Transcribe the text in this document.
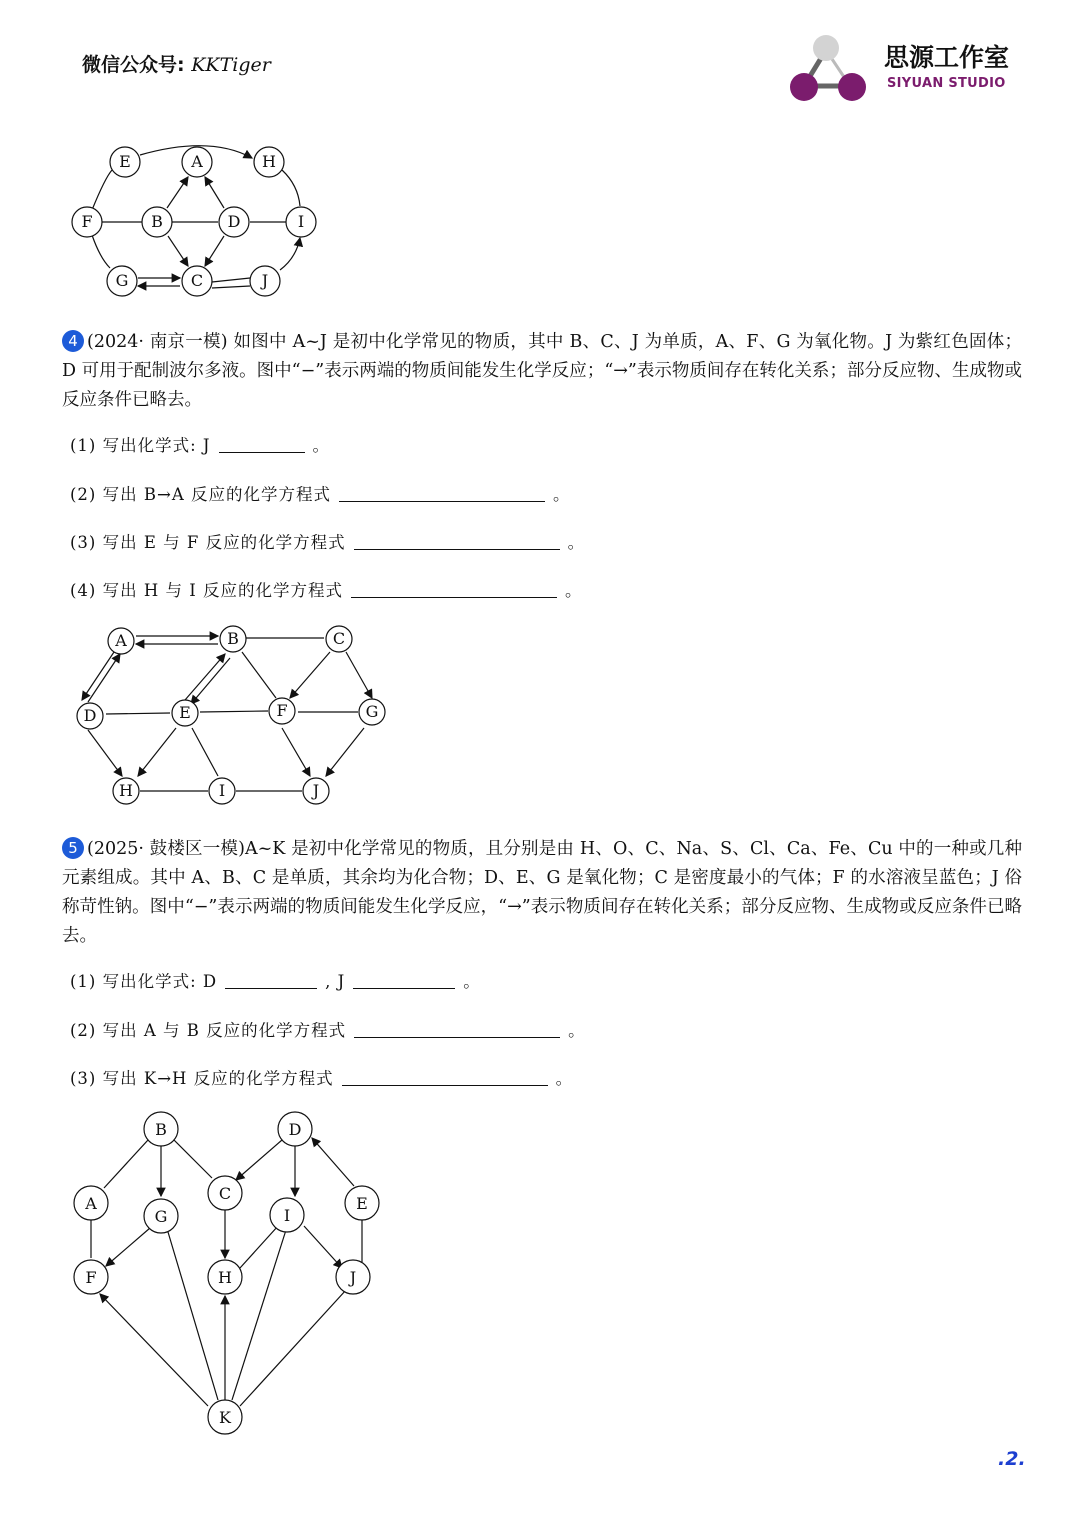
微信公众号: KKTiger	思源工作室
SIYUAN STUDIO
E	A	H
F	B	D	I
G	C	J
4 (2024· 南京一模) 如图中 A~J 是初中化学常见的物质，其中 B、C、J 为单质，A、F、G 为氧化物。J 为紫红色固体；D 可用于配制波尔多液。图中“−”表示两端的物质间能发生化学反应；“→”表示物质间存在转化关系；部分反应物、生成物或反应条件已略去。
(1) 写出化学式: J	。
(2) 写出 B→A 反应的化学方程式	。
(3) 写出 E 与 F 反应的化学方程式	。
(4) 写出 H 与 I 反应的化学方程式	。
A	B	C
D	E	F	G
H	I	J
5 (2025· 鼓楼区一模)A~K 是初中化学常见的物质，且分别是由 H、O、C、Na、S、Cl、Ca、Fe、Cu 中的一种或几种元素组成。其中 A、B、C 是单质，其余均为化合物；D、E、G 是氧化物；C 是密度最小的气体；F 的水溶液呈蓝色；J 俗称苛性钠。图中“−”表示两端的物质间能发生化学反应，“→”表示物质间存在转化关系；部分反应物、生成物或反应条件已略去。
(1) 写出化学式: D	, J	。
(2) 写出 A 与 B 反应的化学方程式	。
(3) 写出 K→H 反应的化学方程式	。
B	D
C
A
G	I
E
F	H	J
K
.2.
